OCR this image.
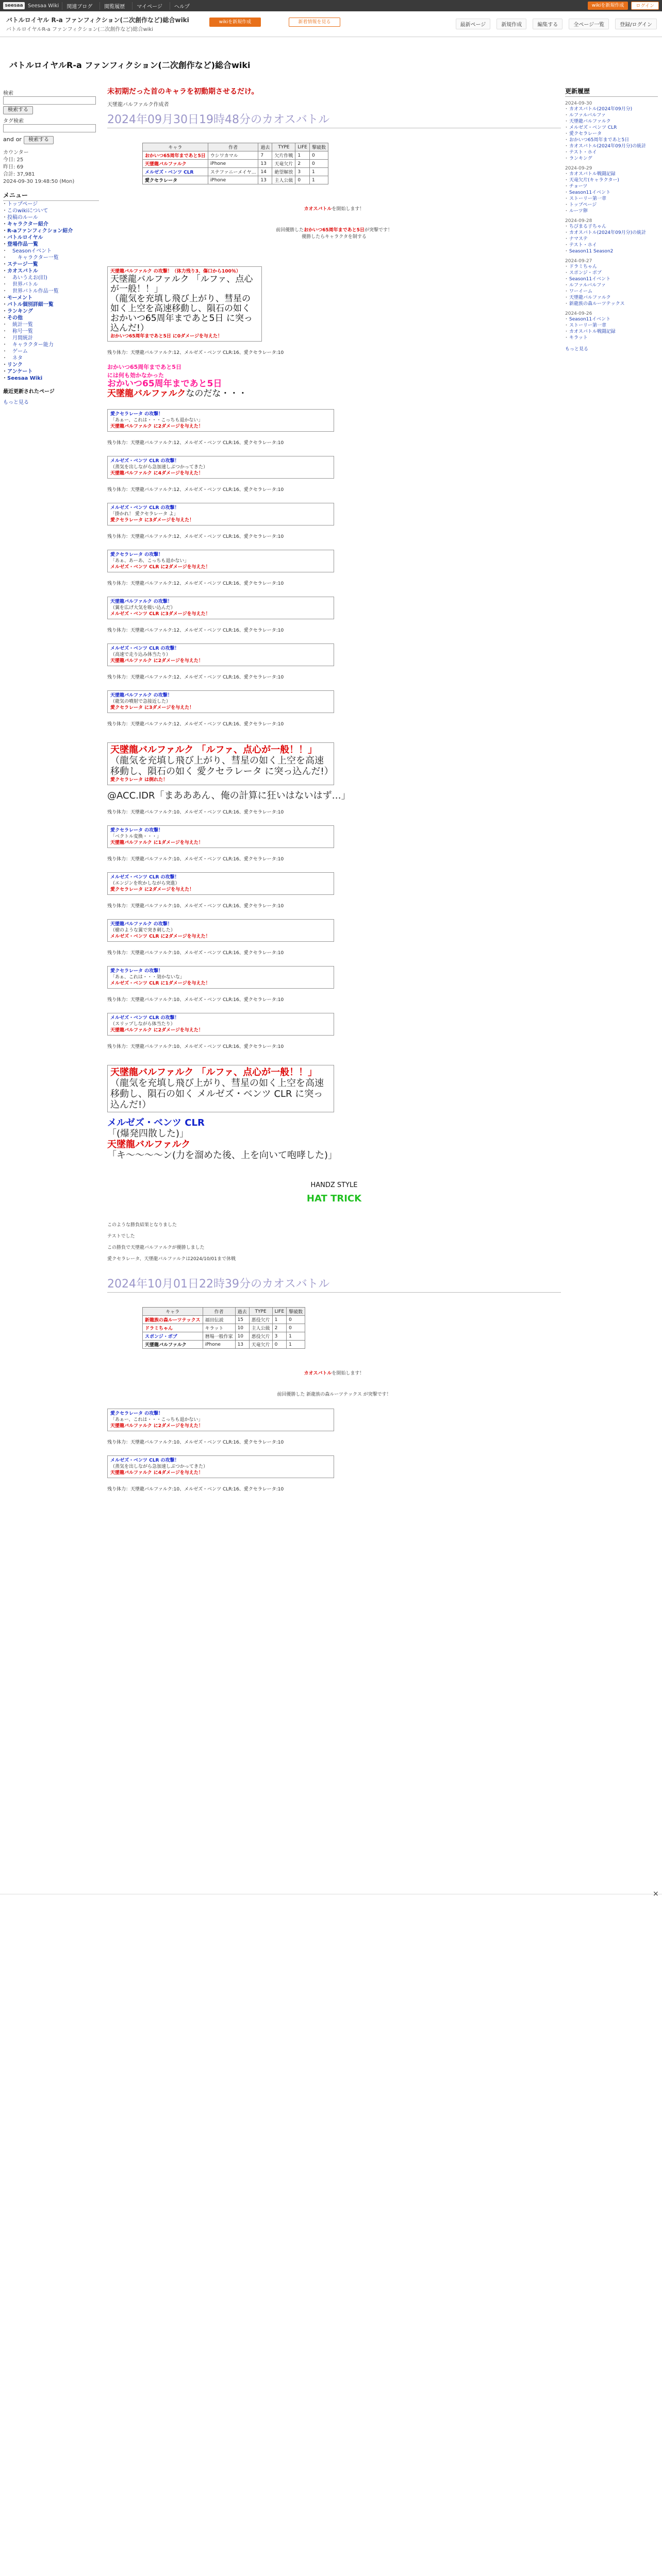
seesaa Seesaa Wiki	関連ブログ	閲覧履歴	マイページ	ヘルプ	wikiを新規作成	ログイン
バトルロイヤル R-a ファンフィクション(二次創作など)総合wiki
バトルロイヤルR-a ファンフィクション(二次創作など)総合wiki
wikiを新規作成	新着情報を見る	最新ページ	新規作成	編集する	全ページ一覧	登録/ログイン
バトルロイヤルR-a ファンフィクション(二次創作など)総合wiki
検索
検索する
タグ検索
and or	検索する
カウンター
今日: 25
昨日: 69
合計: 37,981
2024-09-30 19:48:50 (Mon)
メニュー
・ トップページ
・ このwikiについて
・ 投稿のルール
・ キャラクター紹介
・ R-aファンフィクション紹介
・ バトルロイヤル
・ 登場作品一覧
・ Seasonイベント
・ キャラクター一覧
・ ステージ一覧
・ カオスバトル
・ あいうえお(旧)
・ 世界バトル
・ 世界バトル作品一覧
・ モーメント
・ バトル個別詳細一覧
・ ランキング
・ その他
・ 統計一覧
・ 称号一覧
・ 月間統計
・ キャラクター能力
・ ゲーム
・ ネタ
・ リンク
・ アンケート
・ Seesaa Wiki
最近更新されたページ
もっと見る
未初期だった首のキャラを初動期させるだけ。
天墜龍バルファルク作成者
2024年09月30日19時48分のカオスバトル
キャラ	作者	過去	TYPE	LIFE	撃破数
おかいつ65周年まであと5日	ウシワカマル	7	欠片作戦	1	0
天墜龍バルファルク	iPhone	13	天竜欠片	2	0
メルゼズ・ベンツ CLR	ステファニーメイヤ...	14	絶望解放	3	1
愛クセラレータ	iPhone	13	主人公級	0	1
カオスバトルを開始します！
前回優勝したおかいつ65周年まであと5日が突撃です！
優勝したらキャラクタを制する
天墜龍バルファルク の攻撃！（体力残り3、傷口から100％）
天墜龍バルファルク 「ルファ、点心が一般！！」
（龍気を充填し飛び上がり、彗星の如く上空を高速移動し、隕石の如く おかいつ65周年まであと5日 に突っ込んだ!）
おかいつ65周年まであと5日 に0ダメージを与えた！
残り体力：天墜龍バルファルク:12、メルゼズ・ベンツ CLR:16、愛クセラレータ:10
おかいつ65周年まであと5日
には何も効かなかった
おかいつ65周年まであと5日
天墜龍バルファルクなのだな・・・
愛クセラレータ の攻撃！
「あぁー、これは・・・こっちも退かない」
天墜龍バルファルク に2ダメージを与えた！
残り体力：天墜龍バルファルク:12、メルゼズ・ベンツ CLR:16、愛クセラレータ:10
メルゼズ・ベンツ CLR の攻撃！
（蒸気を出しながら急加速しぶつかってきた）
天墜龍バルファルク に4ダメージを与えた！
残り体力：天墜龍バルファルク:12、メルゼズ・ベンツ CLR:16、愛クセラレータ:10
メルゼズ・ベンツ CLR の攻撃！
「掛かれ！ 愛クセラレータ よ」
愛クセラレータ に3ダメージを与えた！
残り体力：天墜龍バルファルク:12、メルゼズ・ベンツ CLR:16、愛クセラレータ:10
愛クセラレータ の攻撃！
「あぁ、あーあ、こっちも退かない」
メルゼズ・ベンツ CLR に2ダメージを与えた！
残り体力：天墜龍バルファルク:12、メルゼズ・ベンツ CLR:16、愛クセラレータ:10
天墜龍バルファルク の攻撃！
（翼を広げ大気を吸い込んだ）
メルゼズ・ベンツ CLR に3ダメージを与えた！
残り体力：天墜龍バルファルク:12、メルゼズ・ベンツ CLR:16、愛クセラレータ:10
メルゼズ・ベンツ CLR の攻撃！
（高速で走り込み体当たり）
天墜龍バルファルク に2ダメージを与えた！
残り体力：天墜龍バルファルク:12、メルゼズ・ベンツ CLR:16、愛クセラレータ:10
天墜龍バルファルク の攻撃！
（龍気の噴射で急接近した）
愛クセラレータ に3ダメージを与えた！
残り体力：天墜龍バルファルク:12、メルゼズ・ベンツ CLR:16、愛クセラレータ:10
天墜龍バルファルク 「ルファ、点心が一般！！」
（龍気を充填し飛び上がり、彗星の如く上空を高速移動し、隕石の如く 愛クセラレータ に突っ込んだ!）
愛クセラレータ は倒れた！
@ACC.IDR「まあああん、俺の計算に狂いはないはず…」
残り体力：天墜龍バルファルク:10、メルゼズ・ベンツ CLR:16、愛クセラレータ:10
愛クセラレータ の攻撃！
「ベクトル変換・・・」
天墜龍バルファルク に1ダメージを与えた！
残り体力：天墜龍バルファルク:10、メルゼズ・ベンツ CLR:16、愛クセラレータ:10
メルゼズ・ベンツ CLR の攻撃！
（エンジンを吹かしながら突進）
愛クセラレータ に2ダメージを与えた！
残り体力：天墜龍バルファルク:10、メルゼズ・ベンツ CLR:16、愛クセラレータ:10
天墜龍バルファルク の攻撃！
（槍のような翼で突き刺した）
メルゼズ・ベンツ CLR に2ダメージを与えた！
残り体力：天墜龍バルファルク:10、メルゼズ・ベンツ CLR:16、愛クセラレータ:10
愛クセラレータ の攻撃！
「あぁ、これは・・・効かないな」
メルゼズ・ベンツ CLR に1ダメージを与えた！
残り体力：天墜龍バルファルク:10、メルゼズ・ベンツ CLR:16、愛クセラレータ:10
メルゼズ・ベンツ CLR の攻撃！
（スリップしながら体当たり）
天墜龍バルファルク に2ダメージを与えた！
残り体力：天墜龍バルファルク:10、メルゼズ・ベンツ CLR:16、愛クセラレータ:10
天墜龍バルファルク 「ルファ、点心が一般！！」
（龍気を充填し飛び上がり、彗星の如く上空を高速移動し、隕石の如く メルゼズ・ベンツ CLR に突っ込んだ!）
メルゼズ・ベンツ CLR
「(爆発四散した)」
天墜龍バルファルク
「キ～～～～ン(力を溜めた後、上を向いて咆哮した)」
HANDZ STYLE
HAT TRICK
このような勝負結果となりました
テストでした
この勝負で天墜龍バルファルクが優勝しました
愛クセラレータ、天墜龍バルファルクは2024/10/01まで休戦
2024年10月01日22時39分のカオスバトル
キャラ	作者	過去	TYPE	LIFE	撃破数
新龍族の森ルーツテックス	福田伝説	15	悪役欠片	1	0
ドラミちゃん	キラット	10	主人公級	2	0
スポンジ・ボブ	暦場一般作家	10	悪役欠片	3	1
天墜龍バルファルク	iPhone	13	天竜欠片	0	1
カオスバトルを開始します！
前回優勝した 新龍族の森ルーツテックス が突撃です！
愛クセラレータ の攻撃！
「あぁー、これは・・・こっちも退かない」
天墜龍バルファルク に2ダメージを与えた！
残り体力：天墜龍バルファルク:10、メルゼズ・ベンツ CLR:16、愛クセラレータ:10
メルゼズ・ベンツ CLR の攻撃！
（蒸気を出しながら急加速しぶつかってきた）
天墜龍バルファルク に4ダメージを与えた！
残り体力：天墜龍バルファルク:10、メルゼズ・ベンツ CLR:16、愛クセラレータ:10
更新履歴
2024-09-30
・ カオスバトル(2024年09月分)
・ ルファルバルファ
・ 天墜龍バルファルク
・ メルゼズ・ベンツ CLR
・ 愛クセラレータ
・ おかいつ65周年まであと5日
・ カオスバトル(2024年09月分)の統計
・ テスト・ホイ
・ ランキング
2024-09-29
・ カオスバトル戦闘記録
・ 天竜欠片(キャラクター)
・ チョーツ
・ Season11イベント
・ ストーリー第一章
・ トップページ
・ ルーツ卵
2024-09-28
・ ちびまる子ちゃん
・ カオスバトル(2024年09月分)の統計
・ ナマステ
・ テスト・ホイ
・ Season11 Season2
2024-09-27
・ ドラミちゃん
・ スポンジ・ボブ
・ Season11イベント
・ ルファルバルファ
・ ワーイーム
・ 天墜龍バルファルク
・ 新龍族の森ルーツテックス
2024-09-26
・ Season11イベント
・ ストーリー第一章
・ カオスバトル戦闘記録
・ キラット
もっと見る
×
